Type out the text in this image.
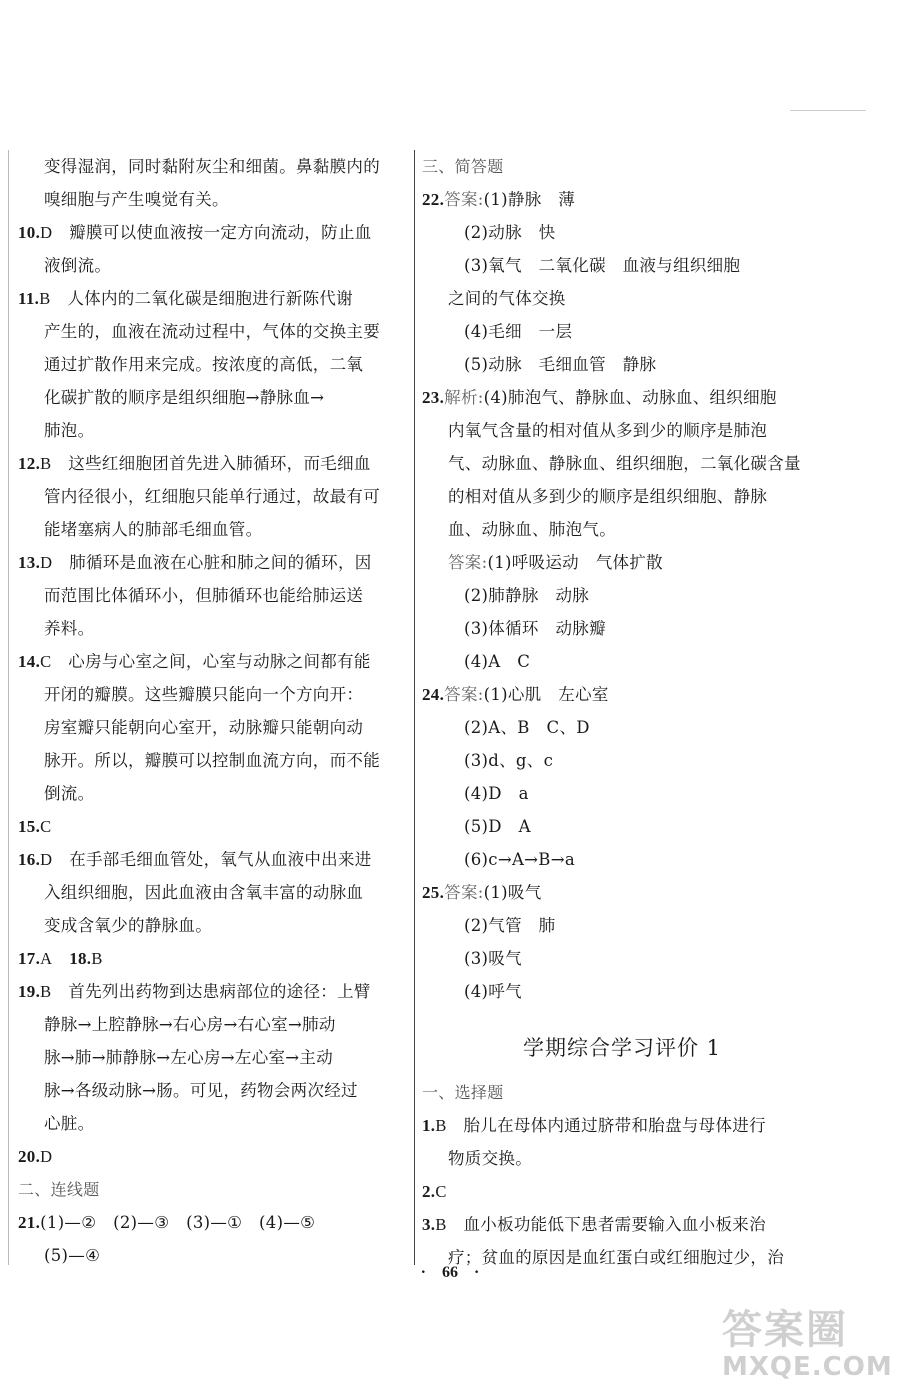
变得湿润，同时黏附灰尘和细菌。鼻黏膜内的
嗅细胞与产生嗅觉有关。
10.D  瓣膜可以使血液按一定方向流动，防止血
液倒流。
11.B  人体内的二氧化碳是细胞进行新陈代谢
产生的，血液在流动过程中，气体的交换主要
通过扩散作用来完成。按浓度的高低，二氧
化碳扩散的顺序是组织细胞→静脉血→
肺泡。
12.B  这些红细胞团首先进入肺循环，而毛细血
管内径很小，红细胞只能单行通过，故最有可
能堵塞病人的肺部毛细血管。
13.D  肺循环是血液在心脏和肺之间的循环，因
而范围比体循环小，但肺循环也能给肺运送
养料。
14.C  心房与心室之间，心室与动脉之间都有能
开闭的瓣膜。这些瓣膜只能向一个方向开：
房室瓣只能朝向心室开，动脉瓣只能朝向动
脉开。所以，瓣膜可以控制血流方向，而不能
倒流。
15.C
16.D  在手部毛细血管处，氧气从血液中出来进
入组织细胞，因此血液由含氧丰富的动脉血
变成含氧少的静脉血。
17.A  18.B
19.B  首先列出药物到达患病部位的途径：上臂
静脉→上腔静脉→右心房→右心室→肺动
脉→肺→肺静脉→左心房→左心室→主动
脉→各级动脉→肠。可见，药物会两次经过
心脏。
20.D
二、连线题
21.(1)—②　(2)—③　(3)—①　(4)—⑤
(5)—④
三、简答题
22.答案:(1)静脉　薄
(2)动脉　快
(3)氧气　二氧化碳　血液与组织细胞
之间的气体交换
(4)毛细　一层
(5)动脉　毛细血管　静脉
23.解析:(4)肺泡气、静脉血、动脉血、组织细胞
内氧气含量的相对值从多到少的顺序是肺泡
气、动脉血、静脉血、组织细胞，二氧化碳含量
的相对值从多到少的顺序是组织细胞、静脉
血、动脉血、肺泡气。
答案:(1)呼吸运动　气体扩散
(2)肺静脉　动脉
(3)体循环　动脉瓣
(4)A　C
24.答案:(1)心肌　左心室
(2)A、B　C、D
(3)d、g、c
(4)D　a
(5)D　A
(6)c→A→B→a
25.答案:(1)吸气
(2)气管　肺
(3)吸气
(4)呼气
学期综合学习评价 1
一、选择题
1.B  胎儿在母体内通过脐带和胎盘与母体进行
物质交换。
2.C
3.B  血小板功能低下患者需要输入血小板来治
疗；贫血的原因是血红蛋白或红细胞过少，治
·　66　·
答案圈
MXQE.COM
